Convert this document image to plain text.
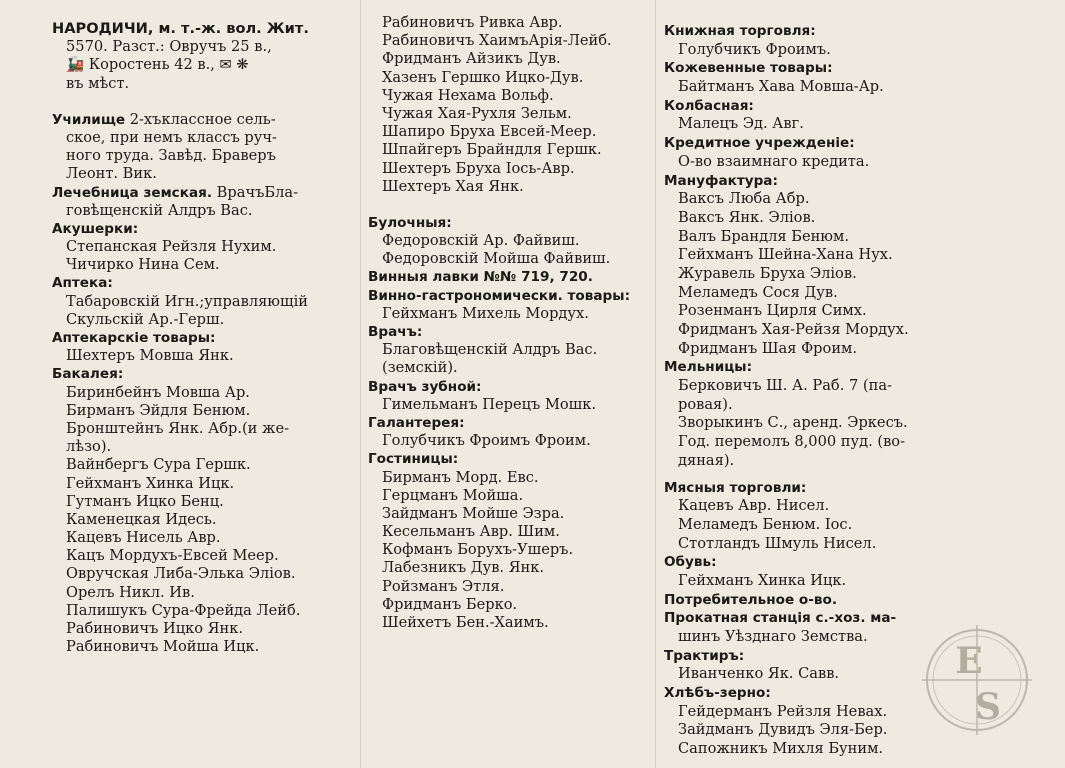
НАРОДИЧИ, м. т.-ж. вол. Жит.
5570. Разст.: Овручъ 25 в.,
🚂 Коростень 42 в., ✉ ❋
въ мѣст.
Училище 2-хъклассное сель-
ское, при немъ классъ руч-
ного труда. Завѣд. Браверъ
Леонт. Вик.
Лечебница земская. ВрачъБла-
говѣщенскій Алдръ Вас.
Акушерки:
Степанская Рейзля Нухим.
Чичирко Нина Сем.
Аптека:
Табаровскій Игн.;управляющій
Скульскій Ар.-Герш.
Аптекарскіе товары:
Шехтеръ Мовша Янк.
Бакалея:
Биринбейнъ Мовша Ар.
Бирманъ Эйдля Бенюм.
Бронштейнъ Янк. Абр.(и же-
лѣзо).
Вайнбергъ Сура Гершк.
Гейхманъ Хинка Ицк.
Гутманъ Ицко Бенц.
Каменецкая Идесь.
Кацевъ Нисель Авр.
Кацъ Мордухъ-Евсей Меер.
Овручская Либа-Элька Эліов.
Орелъ Никл. Ив.
Палишукъ Сура-Фрейда Лейб.
Рабиновичъ Ицко Янк.
Рабиновичъ Мойша Ицк.
Рабиновичъ Ривка Авр.
Рабиновичъ ХаимъАрія-Лейб.
Фридманъ Айзикъ Дув.
Хазенъ Гершко Ицко-Дув.
Чужая Нехама Вольф.
Чужая Хая-Рухля Зельм.
Шапиро Бруха Евсей-Меер.
Шпайгеръ Брайндля Гершк.
Шехтеръ Бруха Іось-Авр.
Шехтеръ Хая Янк.
Булочныя:
Федоровскій Ар. Файвиш.
Федоровскій Мойша Файвиш.
Винныя лавки №№ 719, 720.
Винно-гастрономически. товары:
Гейхманъ Михель Мордух.
Врачъ:
Благовѣщенскій Алдръ Вас.
(земскій).
Врачъ зубной:
Гимельманъ Перецъ Мошк.
Галантерея:
Голубчикъ Фроимъ Фроим.
Гостиницы:
Бирманъ Морд. Евс.
Герцманъ Мойша.
Зайдманъ Мойше Эзра.
Кесельманъ Авр. Шим.
Кофманъ Борухъ-Ушеръ.
Лабезникъ Дув. Янк.
Ройзманъ Этля.
Фридманъ Берко.
Шейхетъ Бен.-Хаимъ.
Книжная торговля:
Голубчикъ Фроимъ.
Кожевенные товары:
Байтманъ Хава Мовша-Ар.
Колбасная:
Малецъ Эд. Авг.
Кредитное учрежденіе:
О-во взаимнаго кредита.
Мануфактура:
Ваксъ Люба Абр.
Ваксъ Янк. Эліов.
Валъ Брандля Бенюм.
Гейхманъ Шейна-Хана Нух.
Журавель Бруха Эліов.
Меламедъ Сося Дув.
Розенманъ Цирля Симх.
Фридманъ Хая-Рейзя Мордух.
Фридманъ Шая Фроим.
Мельницы:
Берковичъ Ш. А. Раб. 7 (па-
ровая).
Зворыкинъ С., аренд. Эркесъ.
Год. перемолъ 8,000 пуд. (во-
дяная).
Мясныя торговли:
Кацевъ Авр. Нисел.
Меламедъ Бенюм. Іос.
Стотландъ Шмуль Нисел.
Обувь:
Гейхманъ Хинка Ицк.
Потребительное о-во.
Прокатная станція с.-хоз. ма-
шинъ Уѣзднаго Земства.
Трактиръ:
Иванченко Як. Савв.
Хлѣбъ-зерно:
Гейдерманъ Рейзля Невах.
Зайдманъ Дувидъ Эля-Бер.
Сапожникъ Михля Буним.
E
S
